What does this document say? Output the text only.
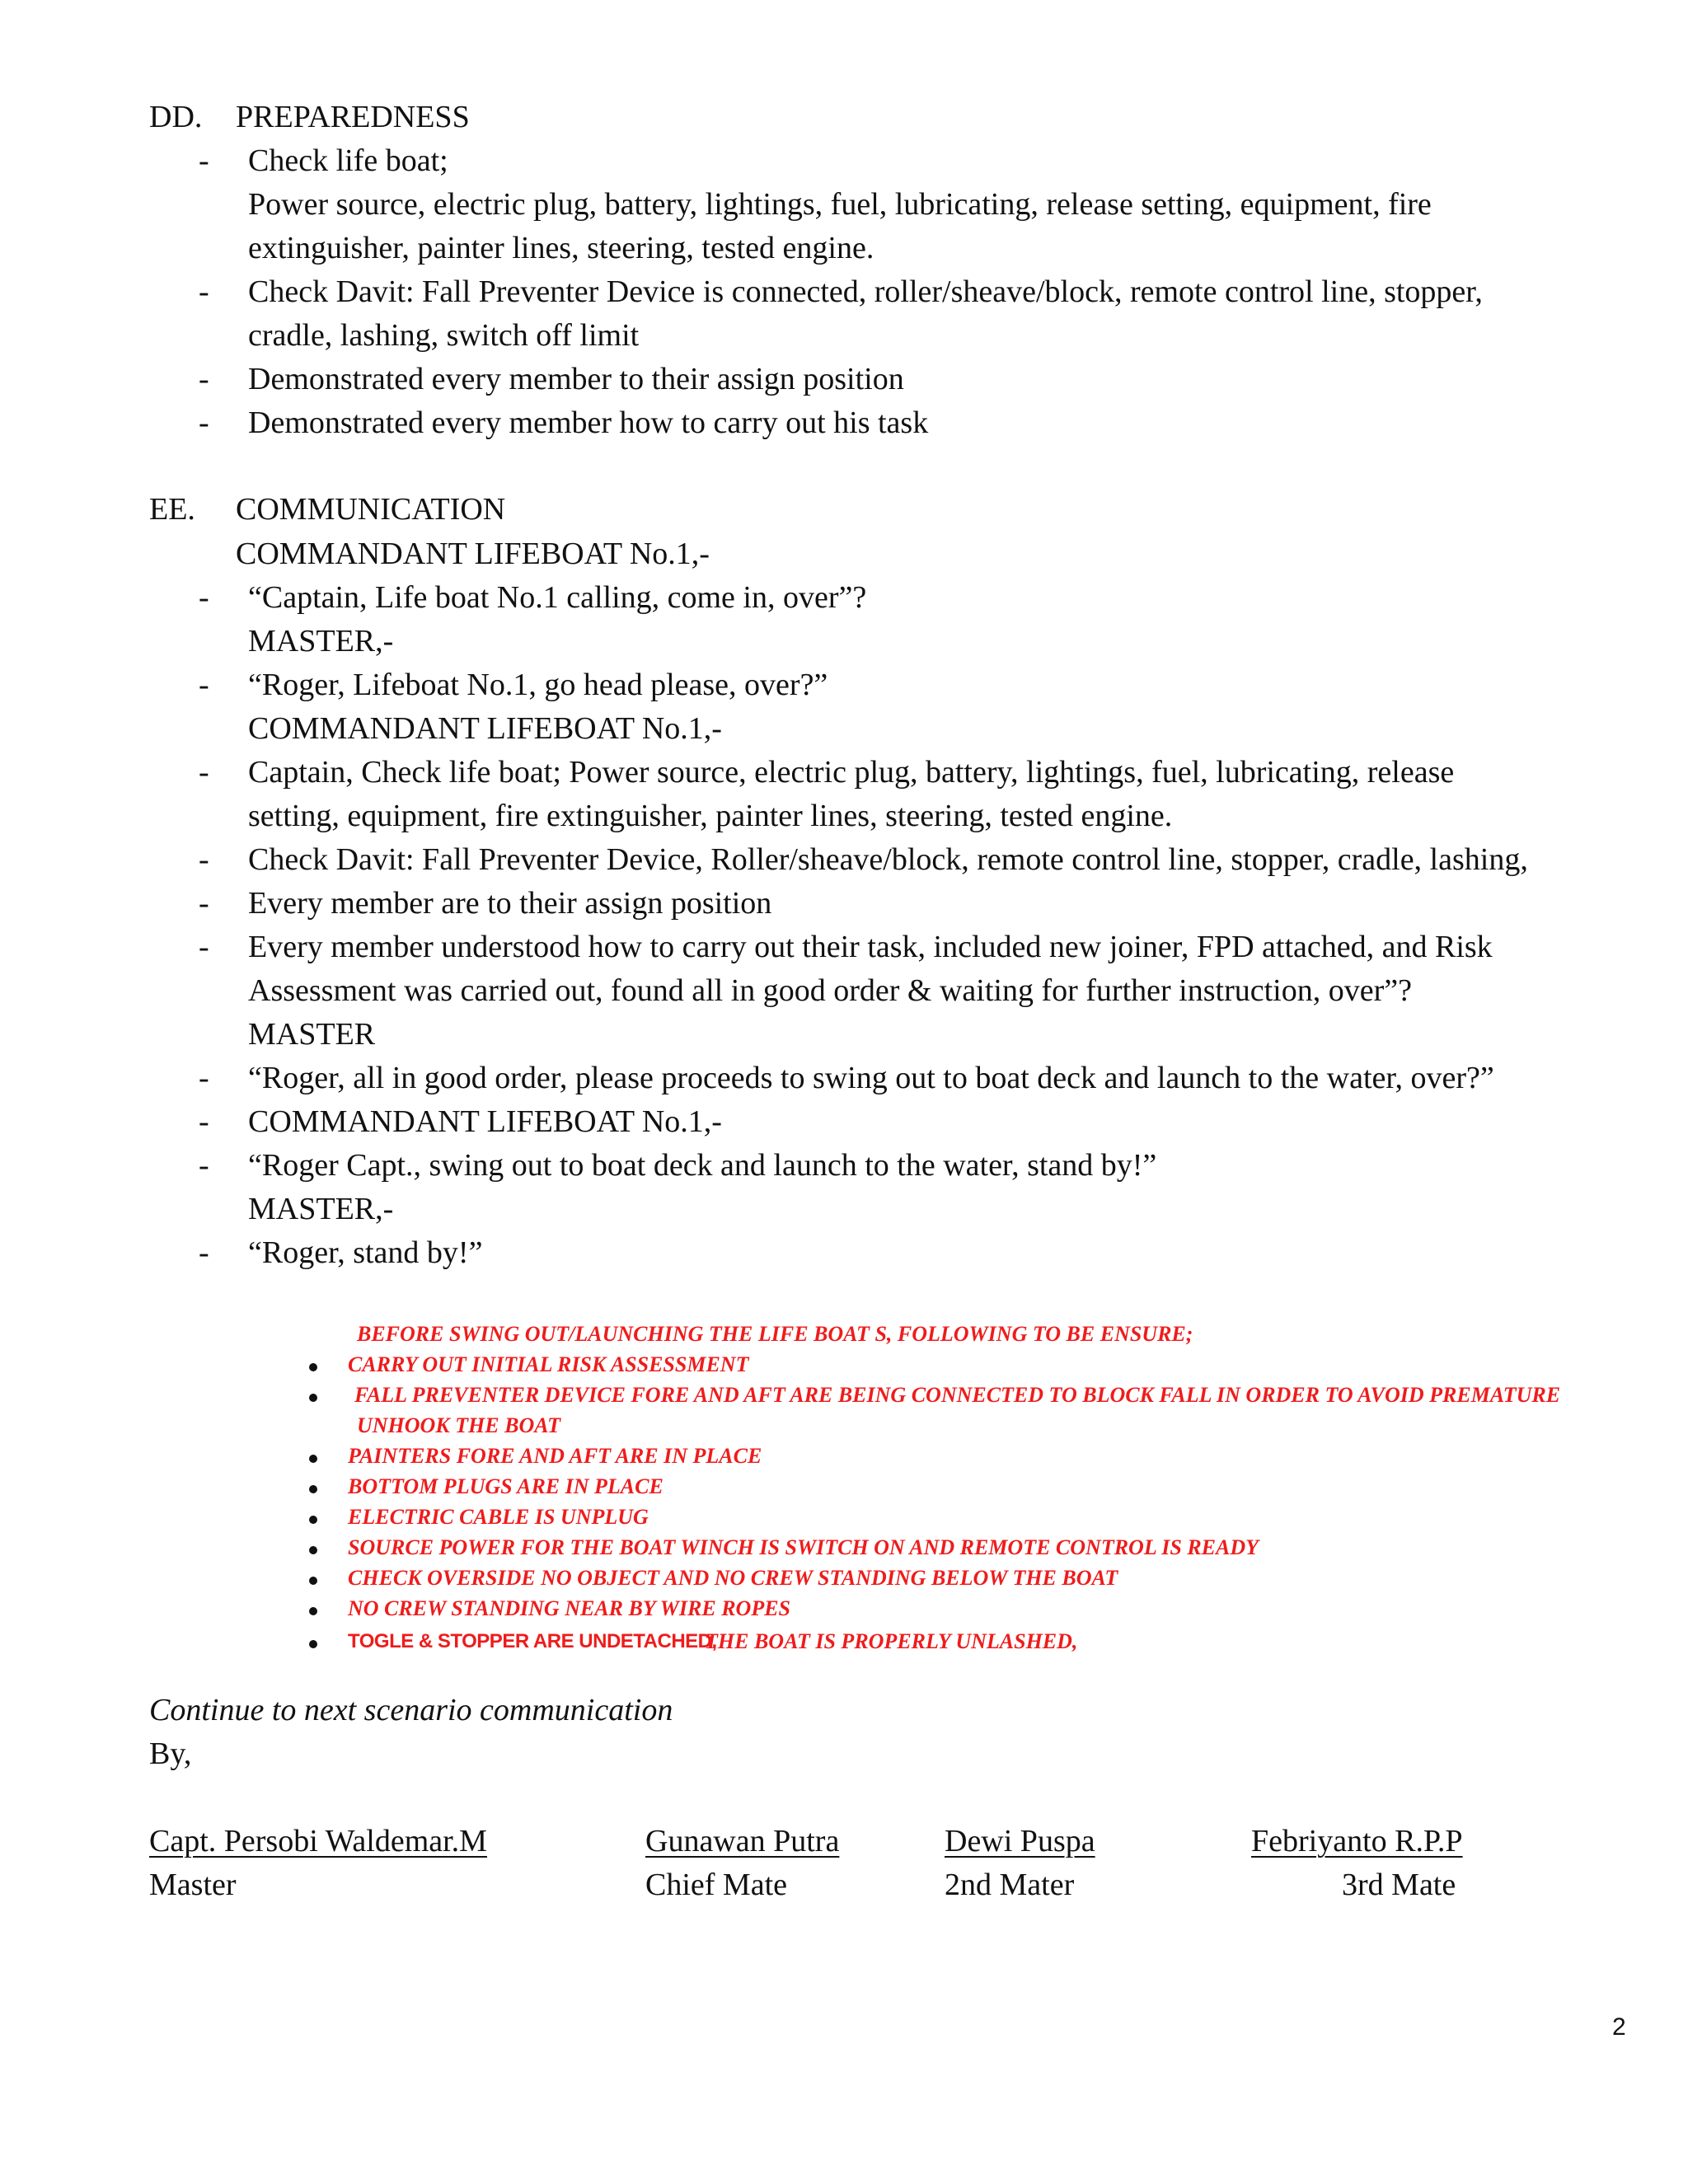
DD. PREPAREDNESS
- Check life boat;
Power source, electric plug, battery, lightings, fuel, lubricating, release setting, equipment, fire
extinguisher, painter lines, steering, tested engine.
- Check Davit: Fall Preventer Device is connected, roller/sheave/block, remote control line, stopper,
cradle, lashing, switch off limit
- Demonstrated every member to their assign position
- Demonstrated every member how to carry out his task
EE. COMMUNICATION
COMMANDANT LIFEBOAT No.1,-
- “Captain, Life boat No.1 calling, come in, over”?
MASTER,-
- “Roger, Lifeboat No.1, go head please, over?”
COMMANDANT LIFEBOAT No.1,-
- Captain, Check life boat; Power source, electric plug, battery, lightings, fuel, lubricating, release
setting, equipment, fire extinguisher, painter lines, steering, tested engine.
- Check Davit: Fall Preventer Device, Roller/sheave/block, remote control line, stopper, cradle, lashing,
- Every member are to their assign position
- Every member understood how to carry out their task, included new joiner, FPD attached, and Risk
Assessment was carried out, found all in good order & waiting for further instruction, over”?
MASTER
- “Roger, all in good order, please proceeds to swing out to boat deck and launch to the water, over?”
- COMMANDANT LIFEBOAT No.1,-
- “Roger Capt., swing out to boat deck and launch to the water, stand by!”
MASTER,-
- “Roger, stand by!”
BEFORE SWING OUT/LAUNCHING THE LIFE BOAT S, FOLLOWING TO BE ENSURE;
CARRY OUT INITIAL RISK ASSESSMENT
FALL PREVENTER DEVICE FORE AND AFT ARE BEING CONNECTED TO BLOCK FALL IN ORDER TO AVOID PREMATURE
UNHOOK THE BOAT
PAINTERS FORE AND AFT ARE IN PLACE
BOTTOM PLUGS ARE IN PLACE
ELECTRIC CABLE IS UNPLUG
SOURCE POWER FOR THE BOAT WINCH IS SWITCH ON AND REMOTE CONTROL IS READY
CHECK OVERSIDE NO OBJECT AND NO CREW STANDING BELOW THE BOAT
NO CREW STANDING NEAR BY WIRE ROPES
TOGLE & STOPPER ARE UNDETACHED,
THE BOAT IS PROPERLY UNLASHED,
Continue to next scenario communication
By,
Capt. Persobi Waldemar.M	Gunawan Putra	Dewi Puspa	Febriyanto R.P.P
Master	Chief Mate	2nd Mater	3rd Mate
2
